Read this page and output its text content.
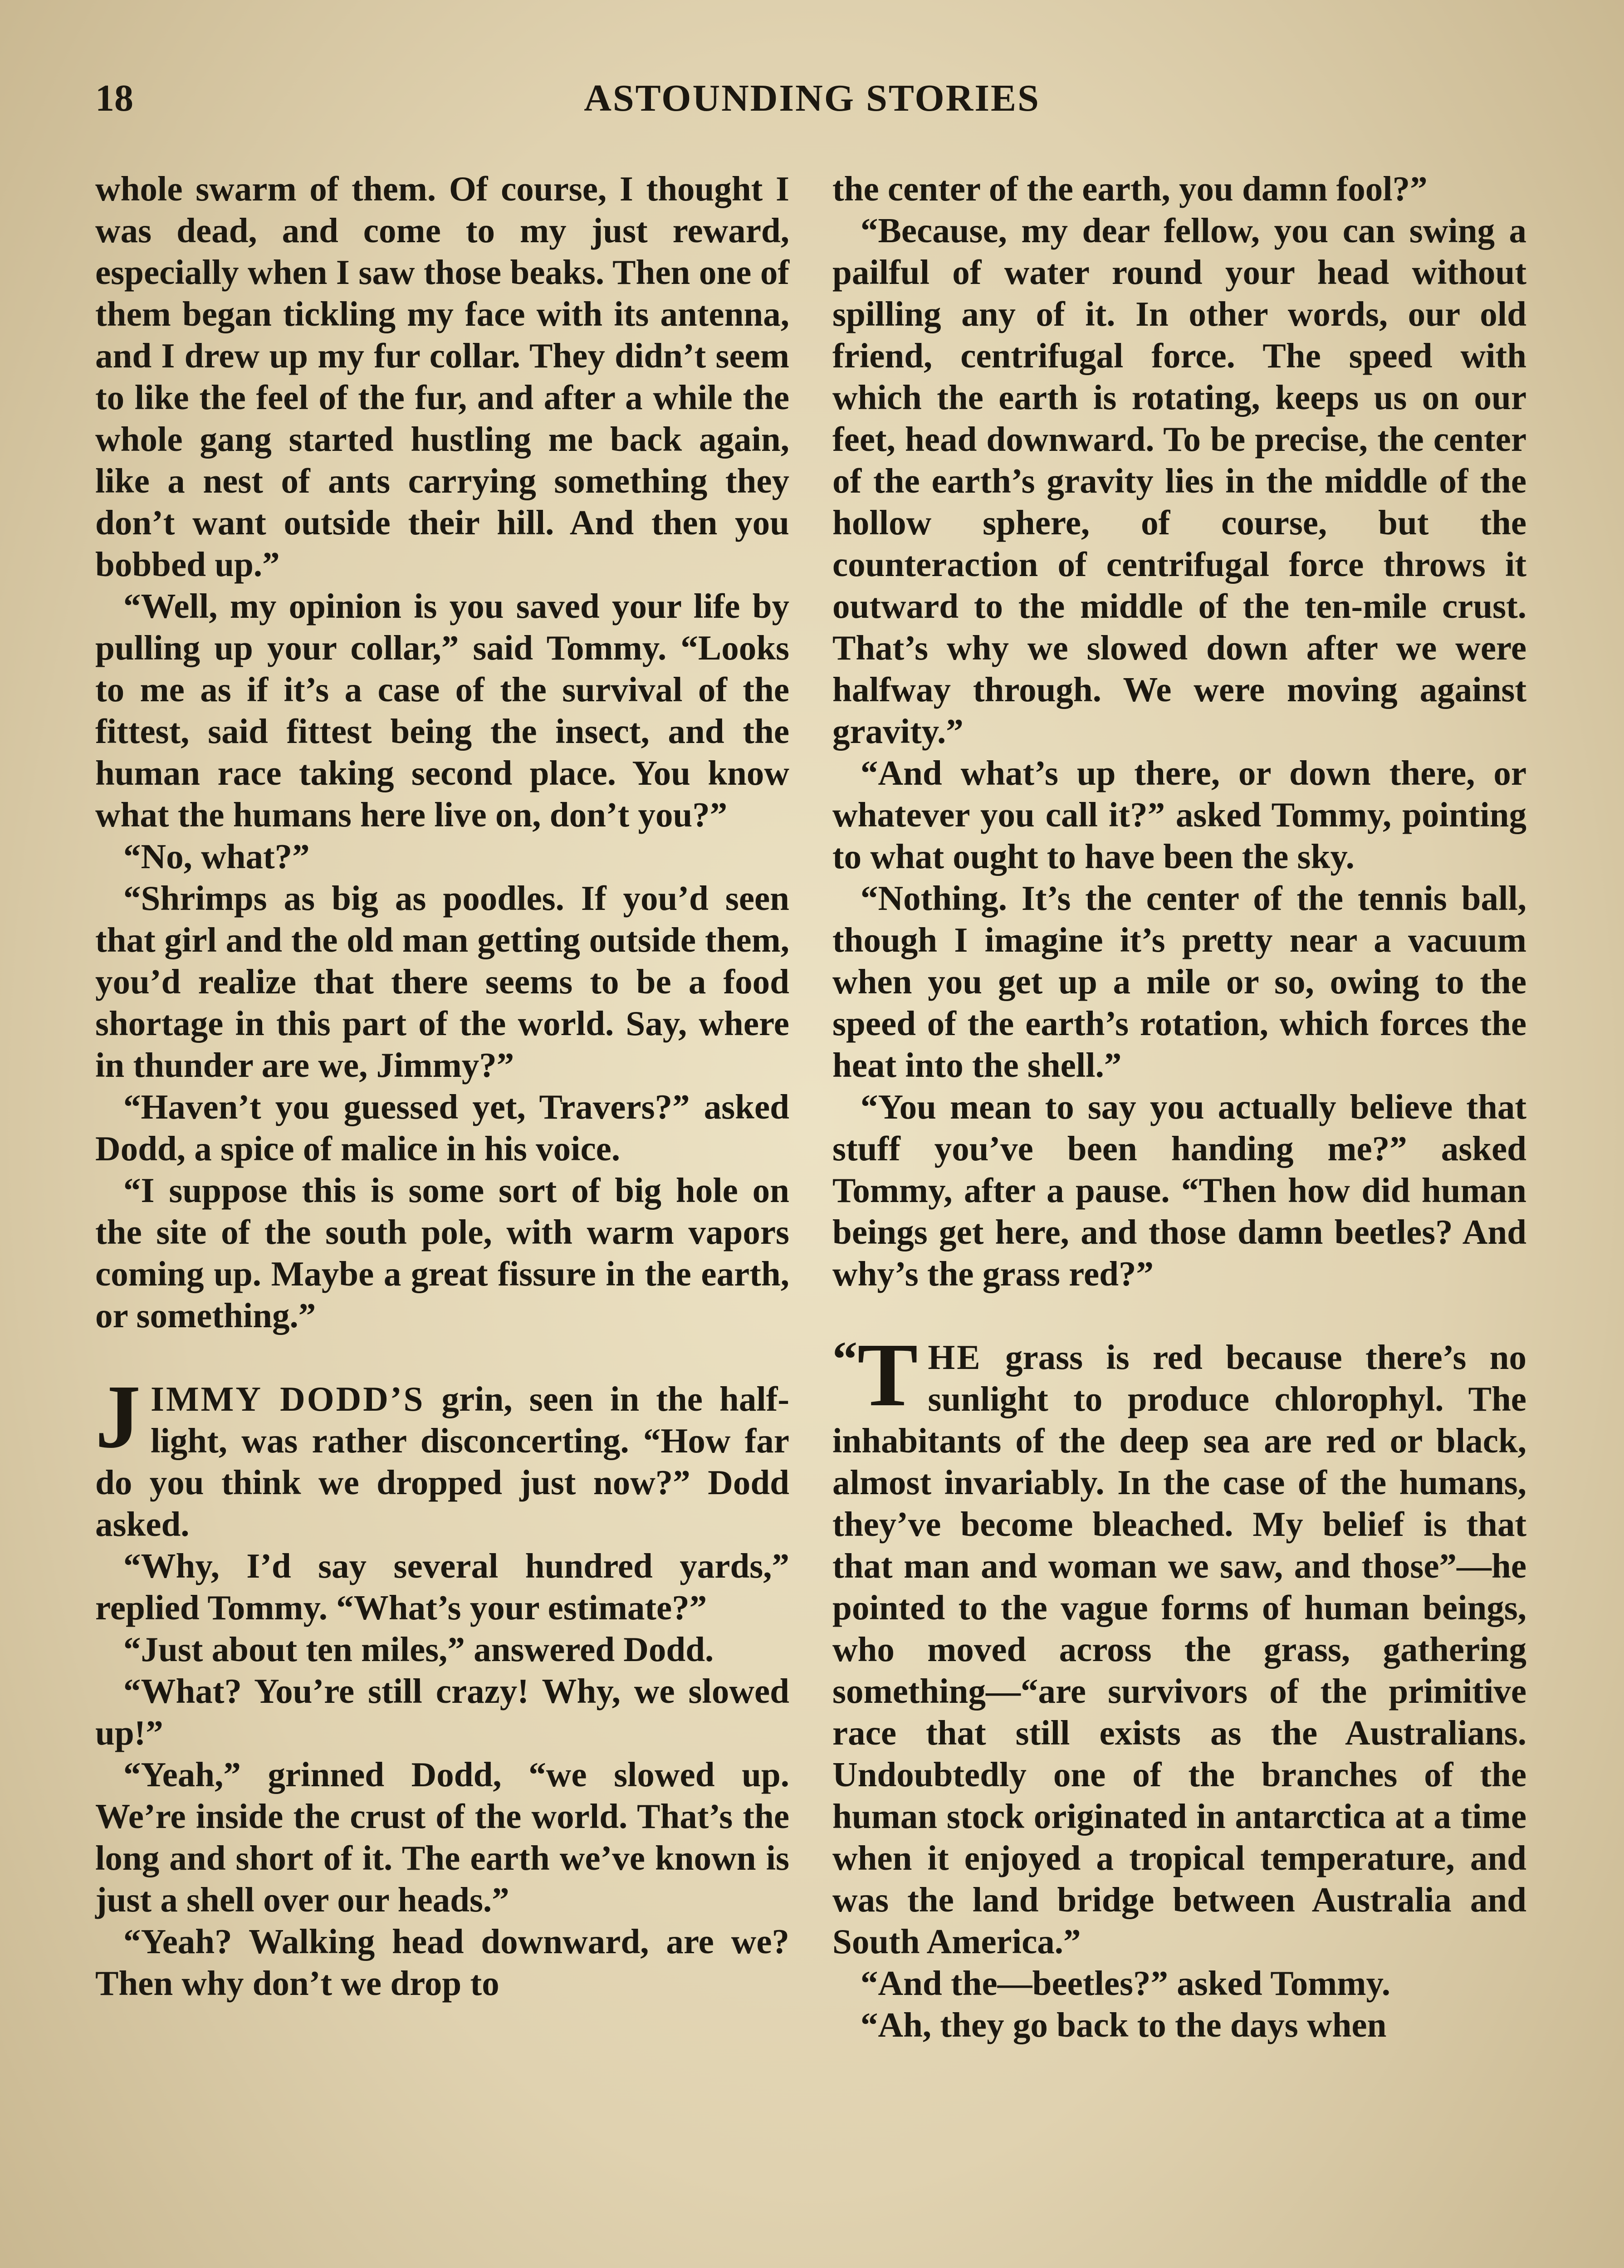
18	ASTOUNDING STORIES

whole swarm of them. Of course, I thought I was dead, and come to my just reward, especially when I saw those beaks. Then one of them began tickling my face with its antenna, and I drew up my fur collar. They didn’t seem to like the feel of the fur, and after a while the whole gang started hustling me back again, like a nest of ants carrying something they don’t want outside their hill. And then you bobbed up.”

“Well, my opinion is you saved your life by pulling up your collar,” said Tommy. “Looks to me as if it’s a case of the survival of the fittest, said fittest being the insect, and the human race taking second place. You know what the humans here live on, don’t you?”

“No, what?”

“Shrimps as big as poodles. If you’d seen that girl and the old man getting outside them, you’d realize that there seems to be a food shortage in this part of the world. Say, where in thunder are we, Jimmy?”

“Haven’t you guessed yet, Travers?” asked Dodd, a spice of malice in his voice.

“I suppose this is some sort of big hole on the site of the south pole, with warm vapors coming up. Maybe a great fissure in the earth, or something.”

JIMMY DODD’S grin, seen in the half-light, was rather disconcerting. “How far do you think we dropped just now?” Dodd asked.

“Why, I’d say several hundred yards,” replied Tommy. “What’s your estimate?”

“Just about ten miles,” answered Dodd.

“What? You’re still crazy! Why, we slowed up!”

“Yeah,” grinned Dodd, “we slowed up. We’re inside the crust of the world. That’s the long and short of it. The earth we’ve known is just a shell over our heads.”

“Yeah? Walking head downward, are we? Then why don’t we drop to

the center of the earth, you damn fool?”

“Because, my dear fellow, you can swing a pailful of water round your head without spilling any of it. In other words, our old friend, centrifugal force. The speed with which the earth is rotating, keeps us on our feet, head downward. To be precise, the center of the earth’s gravity lies in the middle of the hollow sphere, of course, but the counteraction of centrifugal force throws it outward to the middle of the ten-mile crust. That’s why we slowed down after we were halfway through. We were moving against gravity.”

“And what’s up there, or down there, or whatever you call it?” asked Tommy, pointing to what ought to have been the sky.

“Nothing. It’s the center of the tennis ball, though I imagine it’s pretty near a vacuum when you get up a mile or so, owing to the speed of the earth’s rotation, which forces the heat into the shell.”

“You mean to say you actually believe that stuff you’ve been handing me?” asked Tommy, after a pause. “Then how did human beings get here, and those damn beetles? And why’s the grass red?”

“ T HE grass is red because there’s no sunlight to produce chlorophyl. The inhabitants of the deep sea are red or black, almost invariably. In the case of the humans, they’ve become bleached. My belief is that that man and woman we saw, and those”—he pointed to the vague forms of human beings, who moved across the grass, gathering something—“are survivors of the primitive race that still exists as the Australians. Undoubtedly one of the branches of the human stock originated in antarctica at a time when it enjoyed a tropical temperature, and was the land bridge between Australia and South America.”

“And the—beetles?” asked Tommy.

“Ah, they go back to the days when
